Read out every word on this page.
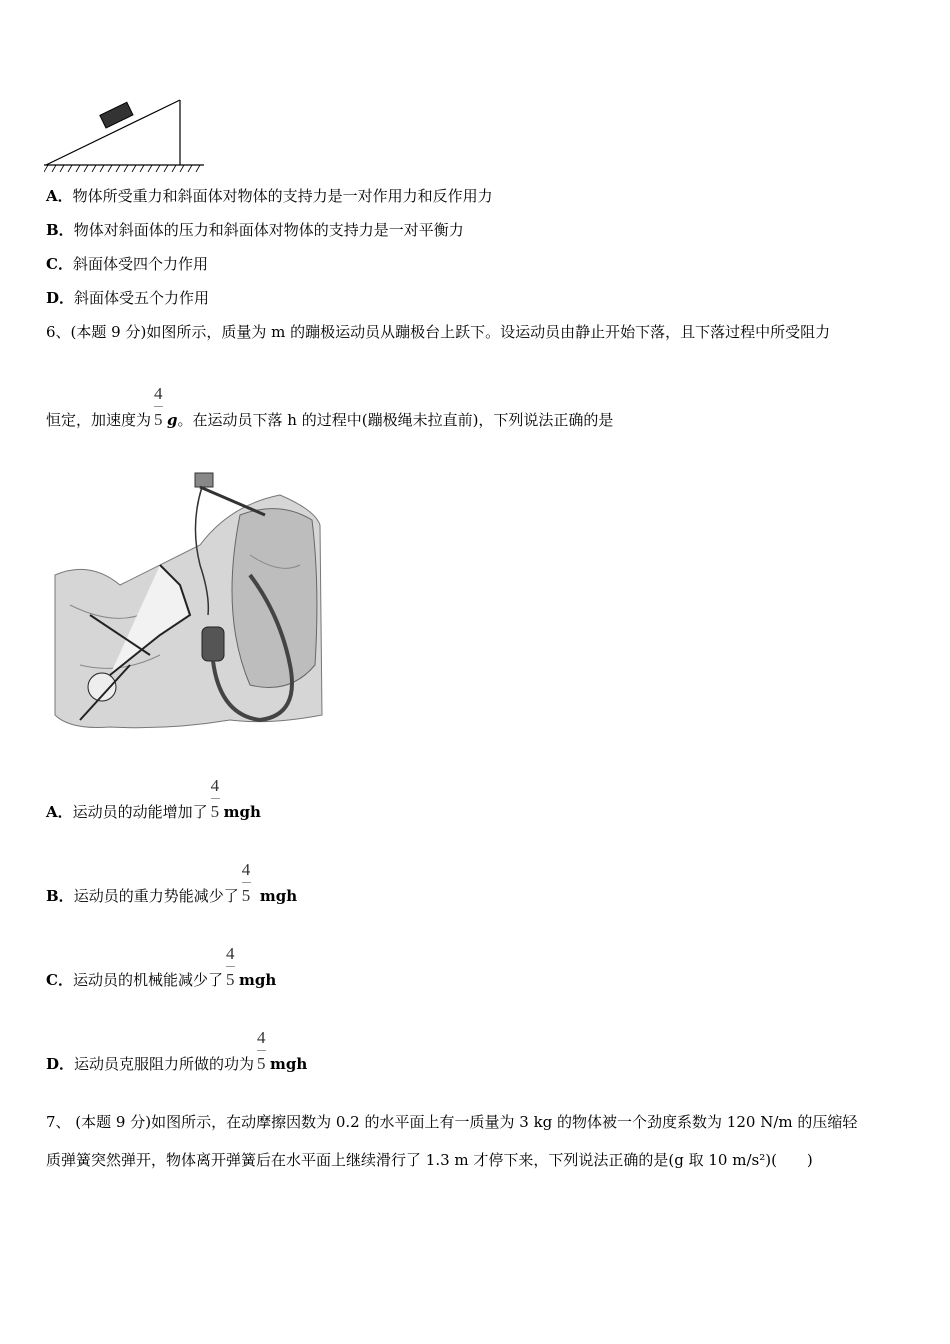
A．物体所受重力和斜面体对物体的支持力是一对作用力和反作用力
B．物体对斜面体的压力和斜面体对物体的支持力是一对平衡力
C．斜面体受四个力作用
D．斜面体受五个力作用
6、(本题 9 分)如图所示，质量为 m 的蹦极运动员从蹦极台上跃下。设运动员由静止开始下落，且下落过程中所受阻力
恒定，加速度为 $\frac{4}{5}$ g。在运动员下落 h 的过程中(蹦极绳未拉直前)，下列说法正确的是
A．运动员的动能增加了 $\frac{4}{5}$ mgh
B．运动员的重力势能减少了 $\frac{4}{5}$ mgh
C．运动员的机械能减少了 $\frac{4}{5}$ mgh
D．运动员克服阻力所做的功为 $\frac{4}{5}$ mgh
7、 (本题 9 分)如图所示，在动摩擦因数为 0.2 的水平面上有一质量为 3 kg 的物体被一个劲度系数为 120 N/m 的压缩轻
质弹簧突然弹开，物体离开弹簧后在水平面上继续滑行了 1.3 m 才停下来，下列说法正确的是(g 取 10 m/s²)(　　)
